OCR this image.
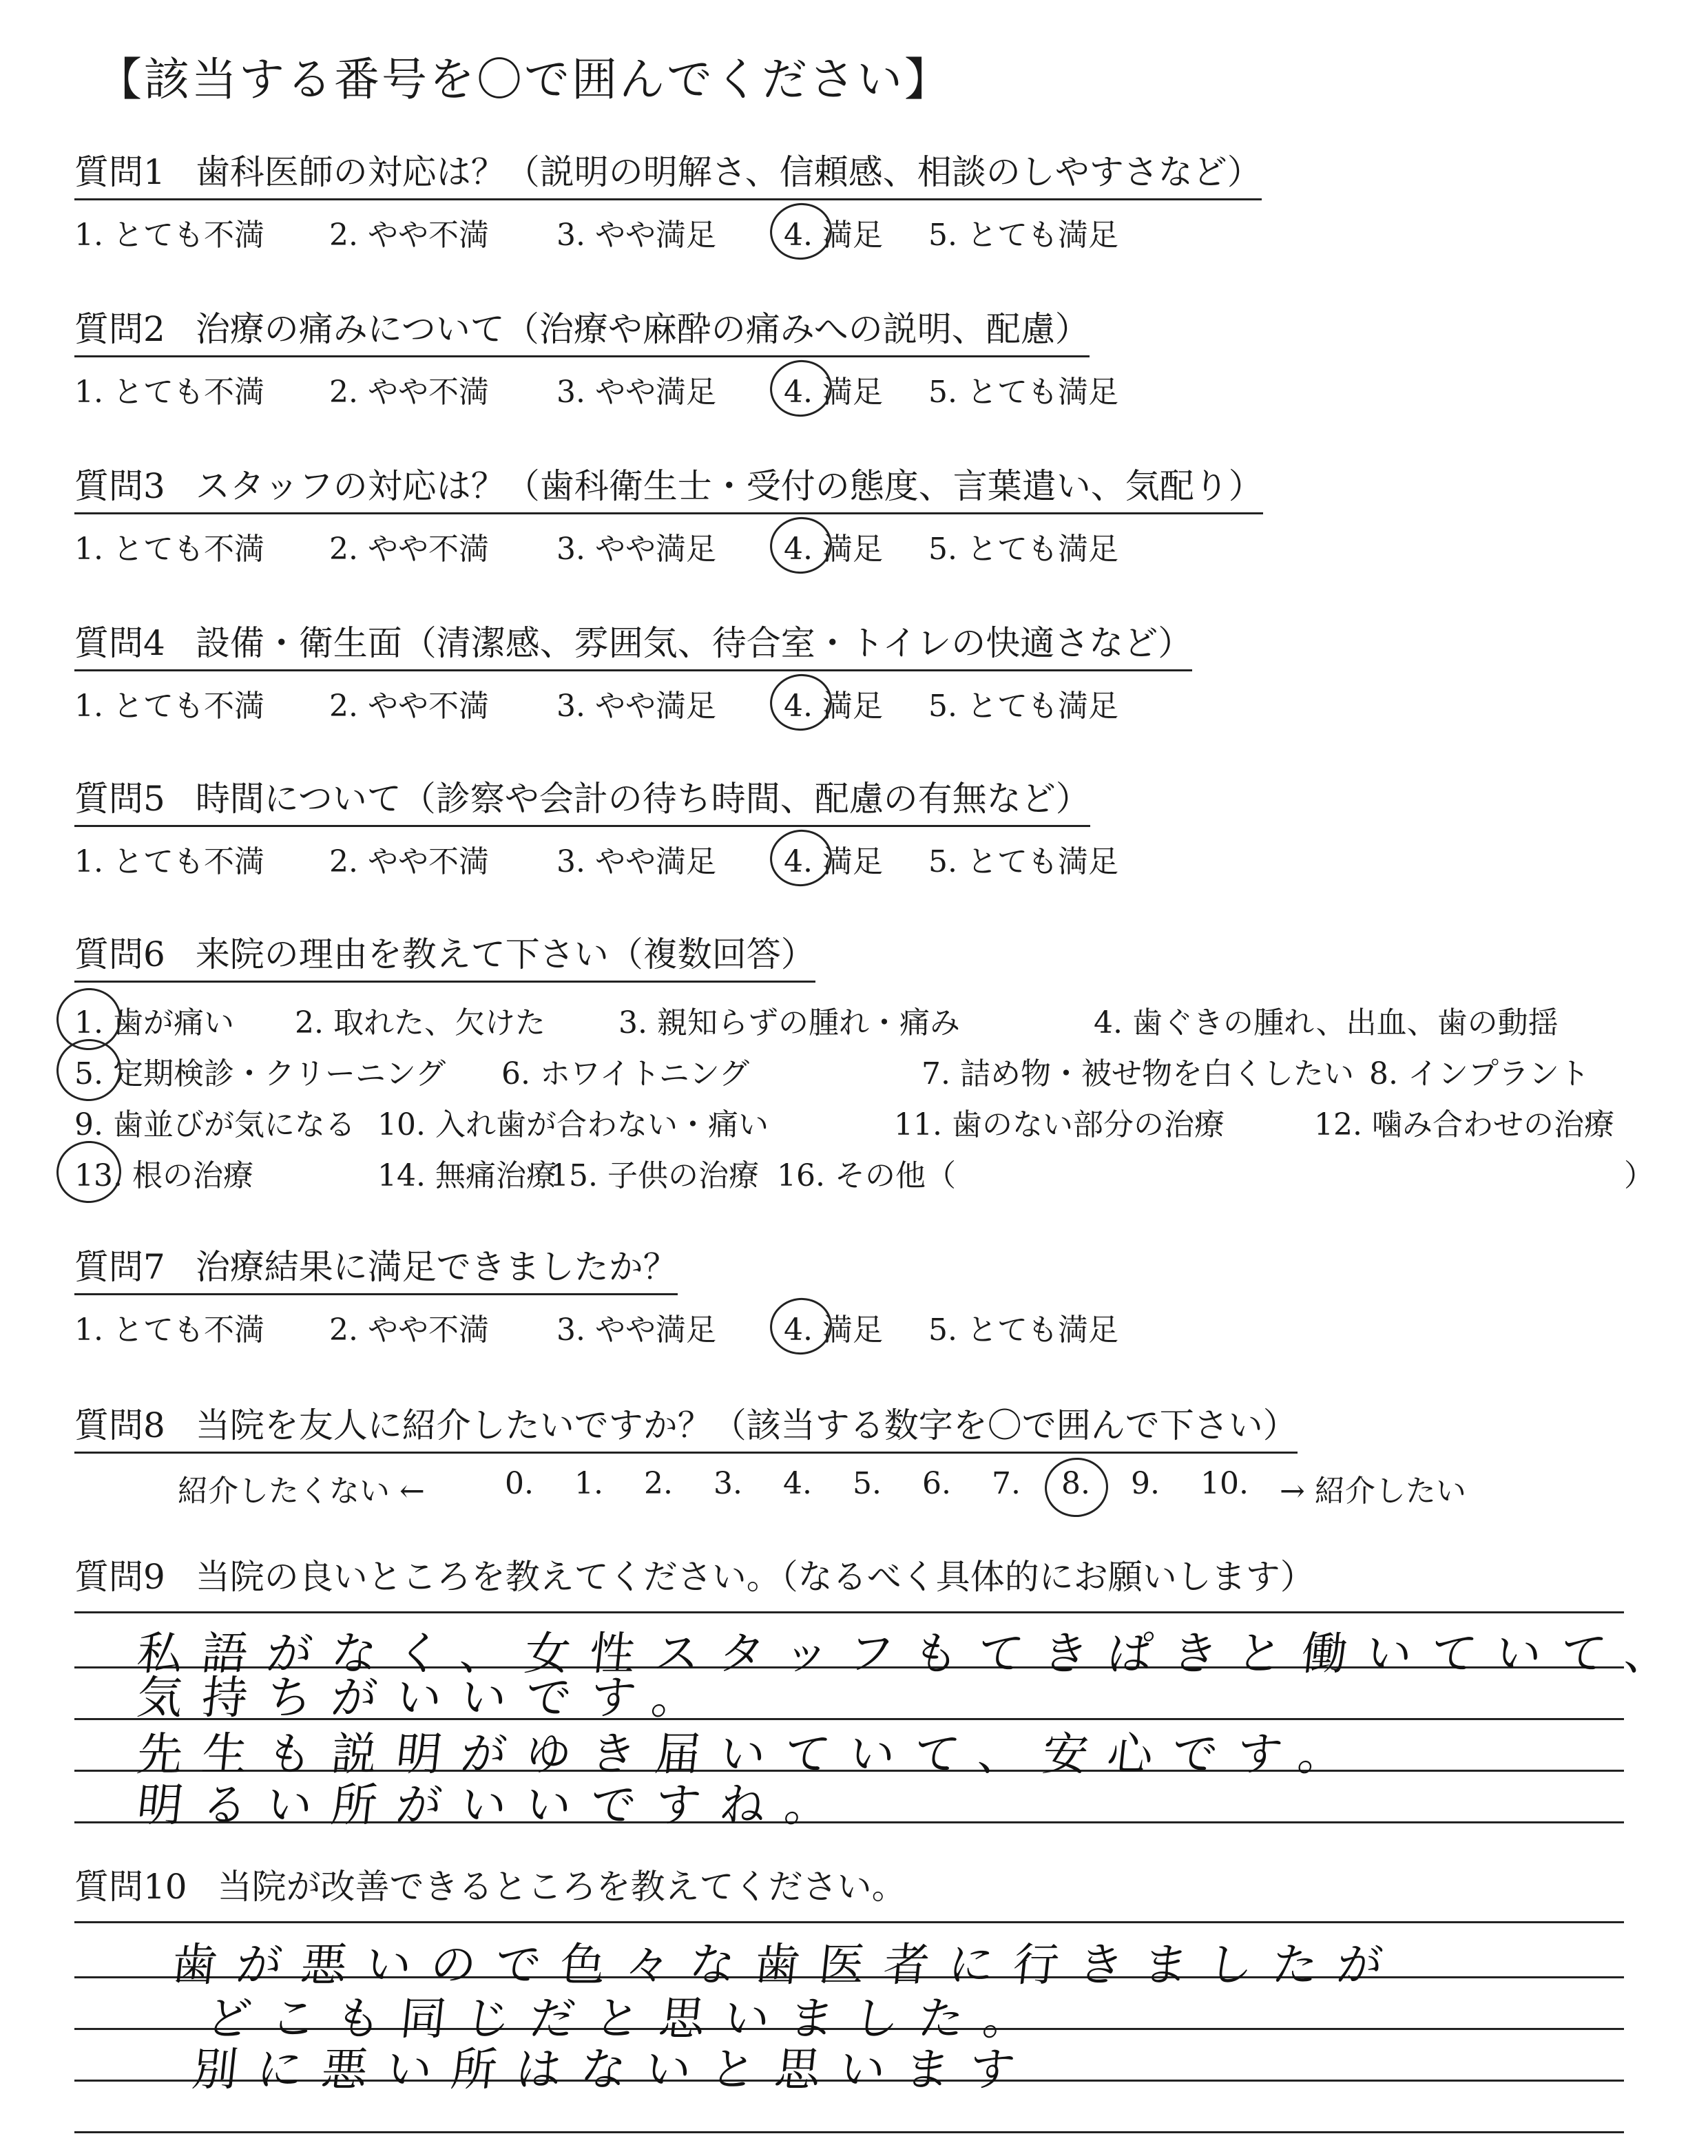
【該当する番号を〇で囲んでください】
質問1 歯科医師の対応は？（説明の明解さ、信頼感、相談のしやすさなど）
1. とても不満 2. やや不満 3. やや満足 4. 満足 5. とても満足
質問2 治療の痛みについて（治療や麻酔の痛みへの説明、配慮）
1. とても不満 2. やや不満 3. やや満足 4. 満足 5. とても満足
質問3 スタッフの対応は？（歯科衛生士・受付の態度、言葉遣い、気配り）
1. とても不満 2. やや不満 3. やや満足 4. 満足 5. とても満足
質問4 設備・衛生面（清潔感、雰囲気、待合室・トイレの快適さなど）
1. とても不満 2. やや不満 3. やや満足 4. 満足 5. とても満足
質問5 時間について（診察や会計の待ち時間、配慮の有無など）
1. とても不満 2. やや不満 3. やや満足 4. 満足 5. とても満足
質問6 来院の理由を教えて下さい（複数回答）
1. 歯が痛い 2. 取れた、欠けた 3. 親知らずの腫れ・痛み	4. 歯ぐきの腫れ、出血、歯の動揺
5. 定期検診・クリーニング 6. ホワイトニング	7. 詰め物・被せ物を白くしたい 8. インプラント
9. 歯並びが気になる 10. 入れ歯が合わない・痛い	11. 歯のない部分の治療	12. 噛み合わせの治療
13. 根の治療	14. 無痛治療
15. 子供の治療 16. その他（	）
質問7 治療結果に満足できましたか？
1. とても不満 2. やや不満 3. やや満足 4. 満足 5. とても満足
質問8 当院を友人に紹介したいですか？（該当する数字を〇で囲んで下さい）
紹介したくない ←	0. 1. 2. 3. 4. 5. 6. 7. 8. 9. 10. → 紹介したい
質問9 当院の良いところを教えてください。（なるべく具体的にお願いします）
私語がなく、女性スタッフもてきぱきと働いていて、
気持ちがいいです。
先生も説明がゆき届いていて、安心です。
明るい所がいいですね。
質問10 当院が改善できるところを教えてください。
歯が悪いので色々な歯医者に行きましたが
どこも同じだと思いました。
別に悪い所はないと思います
